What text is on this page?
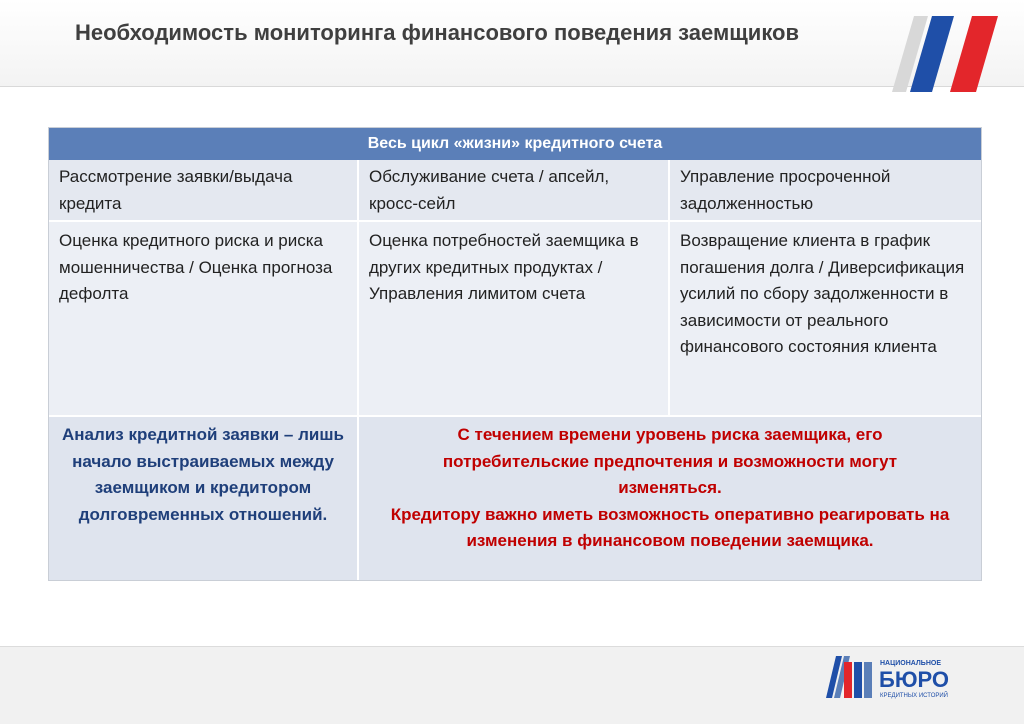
Необходимость мониторинга финансового поведения заемщиков
Весь цикл «жизни» кредитного счета
Рассмотрение заявки/выдача кредита
Обслуживание счета / апсейл, кросс-сейл
Управление просроченной задолженностью
Оценка кредитного риска и риска мошенничества / Оценка прогноза дефолта
Оценка потребностей заемщика в других кредитных продуктах / Управления лимитом счета
Возвращение клиента в график погашения долга / Диверсификация усилий по сбору задолженности в зависимости от реального финансового состояния клиента
Анализ кредитной заявки – лишь начало выстраиваемых между заемщиком и кредитором долговременных отношений.
С течением времени уровень риска заемщика, его потребительские предпочтения и возможности могут изменяться.
Кредитору важно иметь возможность оперативно реагировать на изменения в финансовом поведении заемщика.
НАЦИОНАЛЬНОЕ
БЮРО
КРЕДИТНЫХ ИСТОРИЙ
